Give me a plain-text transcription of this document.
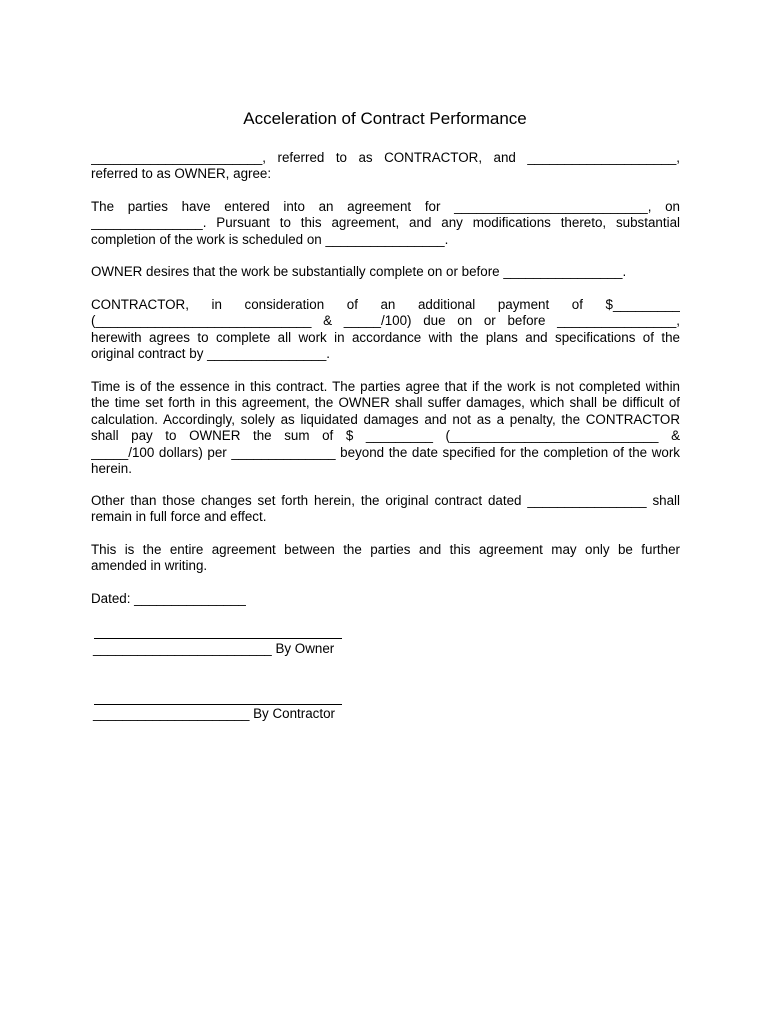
Acceleration of Contract Performance
_______________________, referred to as CONTRACTOR, and ____________________,
referred to as OWNER, agree:
The parties have entered into an agreement for __________________________, on
_______________. Pursuant to this agreement, and any modifications thereto, substantial
completion of the work is scheduled on ________________.
OWNER desires that the work be substantially complete on or before ________________.
CONTRACTOR, in consideration of an additional payment of $_________
(_____________________________ & _____/100) due on or before ________________,
herewith agrees to complete all work in accordance with the plans and specifications of the
original contract by ________________.
Time is of the essence in this contract. The parties agree that if the work is not completed within
the time set forth in this agreement, the OWNER shall suffer damages, which shall be difficult of
calculation. Accordingly, solely as liquidated damages and not as a penalty, the CONTRACTOR
shall pay to OWNER the sum of $ _________ (____________________________ &
_____/100 dollars) per ______________ beyond the date specified for the completion of the work
herein.
Other than those changes set forth herein, the original contract dated ________________ shall
remain in full force and effect.
This is the entire agreement between the parties and this agreement may only be further
amended in writing.
Dated: _______________
________________________ By Owner
_____________________ By Contractor
